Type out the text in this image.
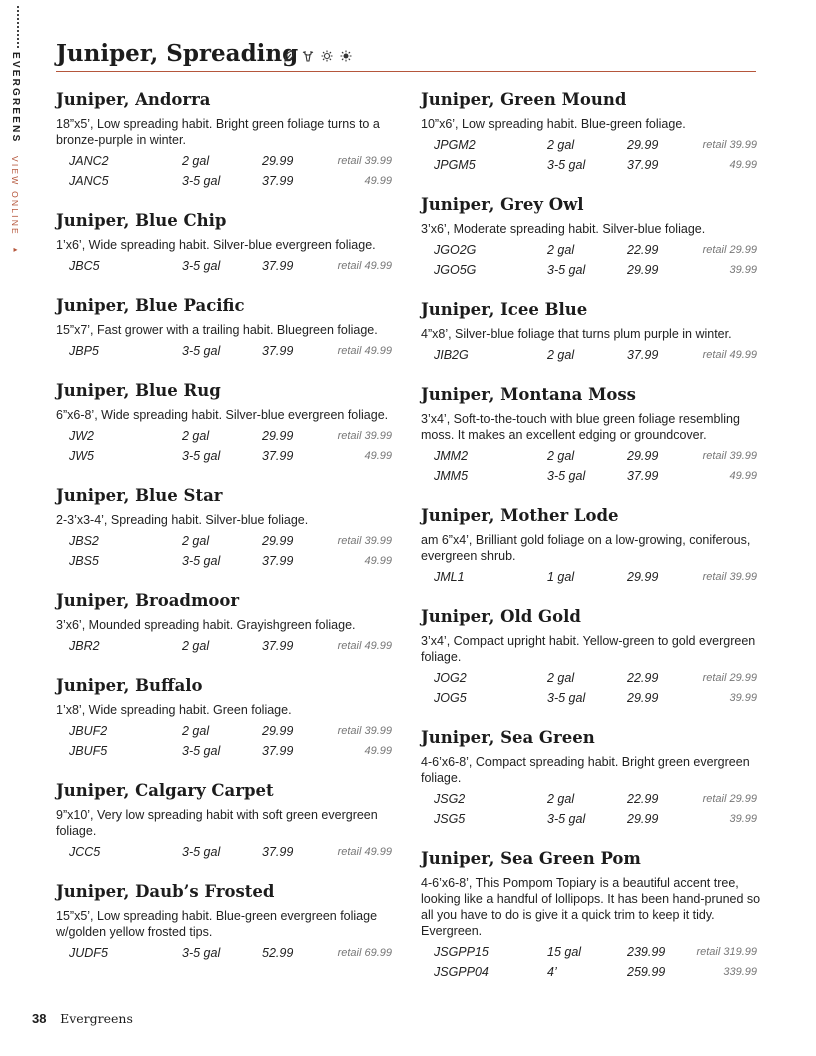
EVERGREENS VIEW ONLINE ▸
Juniper, Spreading
Juniper, Andorra
18”x5’, Low spreading habit. Bright green foliage turns to a bronze-purple in winter.
JANC2	2 gal	29.99	retail 39.99
JANC5	3-5 gal	37.99	49.99
Juniper, Blue Chip
1’x6’, Wide spreading habit. Silver-blue evergreen foliage.
JBC5	3-5 gal	37.99	retail 49.99
Juniper, Blue Pacific
15”x7’, Fast grower with a trailing habit. Bluegreen foliage.
JBP5	3-5 gal	37.99	retail 49.99
Juniper, Blue Rug
6”x6-8’, Wide spreading habit. Silver-blue evergreen foliage.
JW2	2 gal	29.99	retail 39.99
JW5	3-5 gal	37.99	49.99
Juniper, Blue Star
2-3’x3-4’, Spreading habit. Silver-blue foliage.
JBS2	2 gal	29.99	retail 39.99
JBS5	3-5 gal	37.99	49.99
Juniper, Broadmoor
3’x6’, Mounded spreading habit. Grayishgreen foliage.
JBR2	2 gal	37.99	retail 49.99
Juniper, Buffalo
1’x8’, Wide spreading habit. Green foliage.
JBUF2	2 gal	29.99	retail 39.99
JBUF5	3-5 gal	37.99	49.99
Juniper, Calgary Carpet
9”x10’, Very low spreading habit with soft green evergreen foliage.
JCC5	3-5 gal	37.99	retail 49.99
Juniper, Daub’s Frosted
15”x5’, Low spreading habit. Blue-green evergreen foliage w/golden yellow frosted tips.
JUDF5	3-5 gal	52.99	retail 69.99
Juniper, Green Mound
10”x6’, Low spreading habit. Blue-green foliage.
JPGM2	2 gal	29.99	retail 39.99
JPGM5	3-5 gal	37.99	49.99
Juniper, Grey Owl
3’x6’, Moderate spreading habit. Silver-blue foliage.
JGO2G	2 gal	22.99	retail 29.99
JGO5G	3-5 gal	29.99	39.99
Juniper, Icee Blue
4”x8’, Silver-blue foliage that turns plum purple in winter.
JIB2G	2 gal	37.99	retail 49.99
Juniper, Montana Moss
3’x4’, Soft-to-the-touch with blue green foliage resembling moss. It makes an excellent edging or groundcover.
JMM2	2 gal	29.99	retail 39.99
JMM5	3-5 gal	37.99	49.99
Juniper, Mother Lode
am 6”x4’, Brilliant gold foliage on a low-growing, coniferous, evergreen shrub.
JML1	1 gal	29.99	retail 39.99
Juniper, Old Gold
3’x4’, Compact upright habit. Yellow-green to gold evergreen foliage.
JOG2	2 gal	22.99	retail 29.99
JOG5	3-5 gal	29.99	39.99
Juniper, Sea Green
4-6’x6-8’, Compact spreading habit. Bright green evergreen foliage.
JSG2	2 gal	22.99	retail 29.99
JSG5	3-5 gal	29.99	39.99
Juniper, Sea Green Pom
4-6’x6-8’, This Pompom Topiary is a beautiful accent tree, looking like a handful of lollipops. It has been hand-pruned so all you have to do is give it a quick trim to keep it tidy. Evergreen.
JSGPP15	15 gal	239.99	retail 319.99
JSGPP04	4’	259.99	339.99
38 Evergreens
